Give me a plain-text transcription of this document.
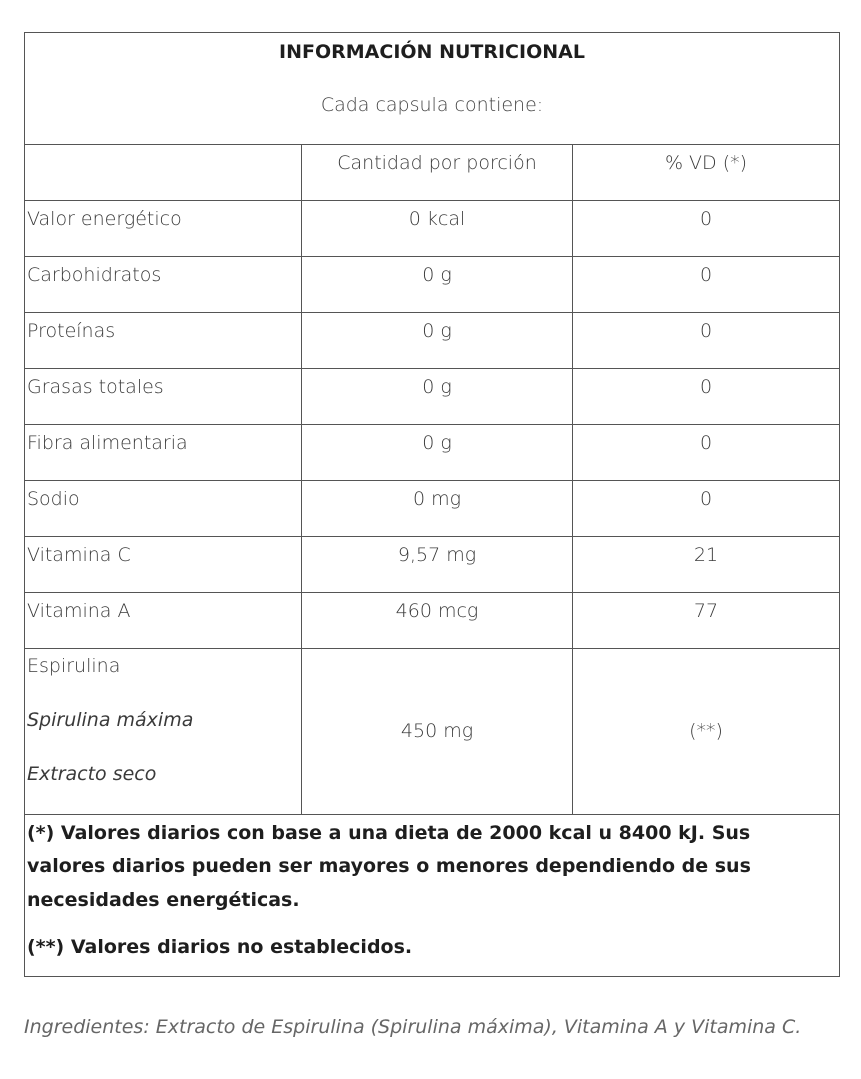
INFORMACIÓN NUTRICIONAL
Cada capsula contiene:		

	Cantidad por porción	% VD (*)
Valor energético	0 kcal	0
Carbohidratos	0 g	0
Proteínas	0 g	0
Grasas totales	0 g	0
Fibra alimentaria	0 g	0
Sodio	0 mg	0
Vitamina C	9,57 mg	21
Vitamina A	460 mcg	77

Espirulina
Spirulina máxima
Extracto seco	450 mg	(**)

(*) Valores diarios con base a una dieta de 2000 kcal u 8400 kJ. Sus valores diarios pueden ser mayores o menores dependiendo de sus necesidades energéticas.

(**) Valores diarios no establecidos.		

Ingredientes: Extracto de Espirulina (Spirulina máxima), Vitamina A y Vitamina C.
